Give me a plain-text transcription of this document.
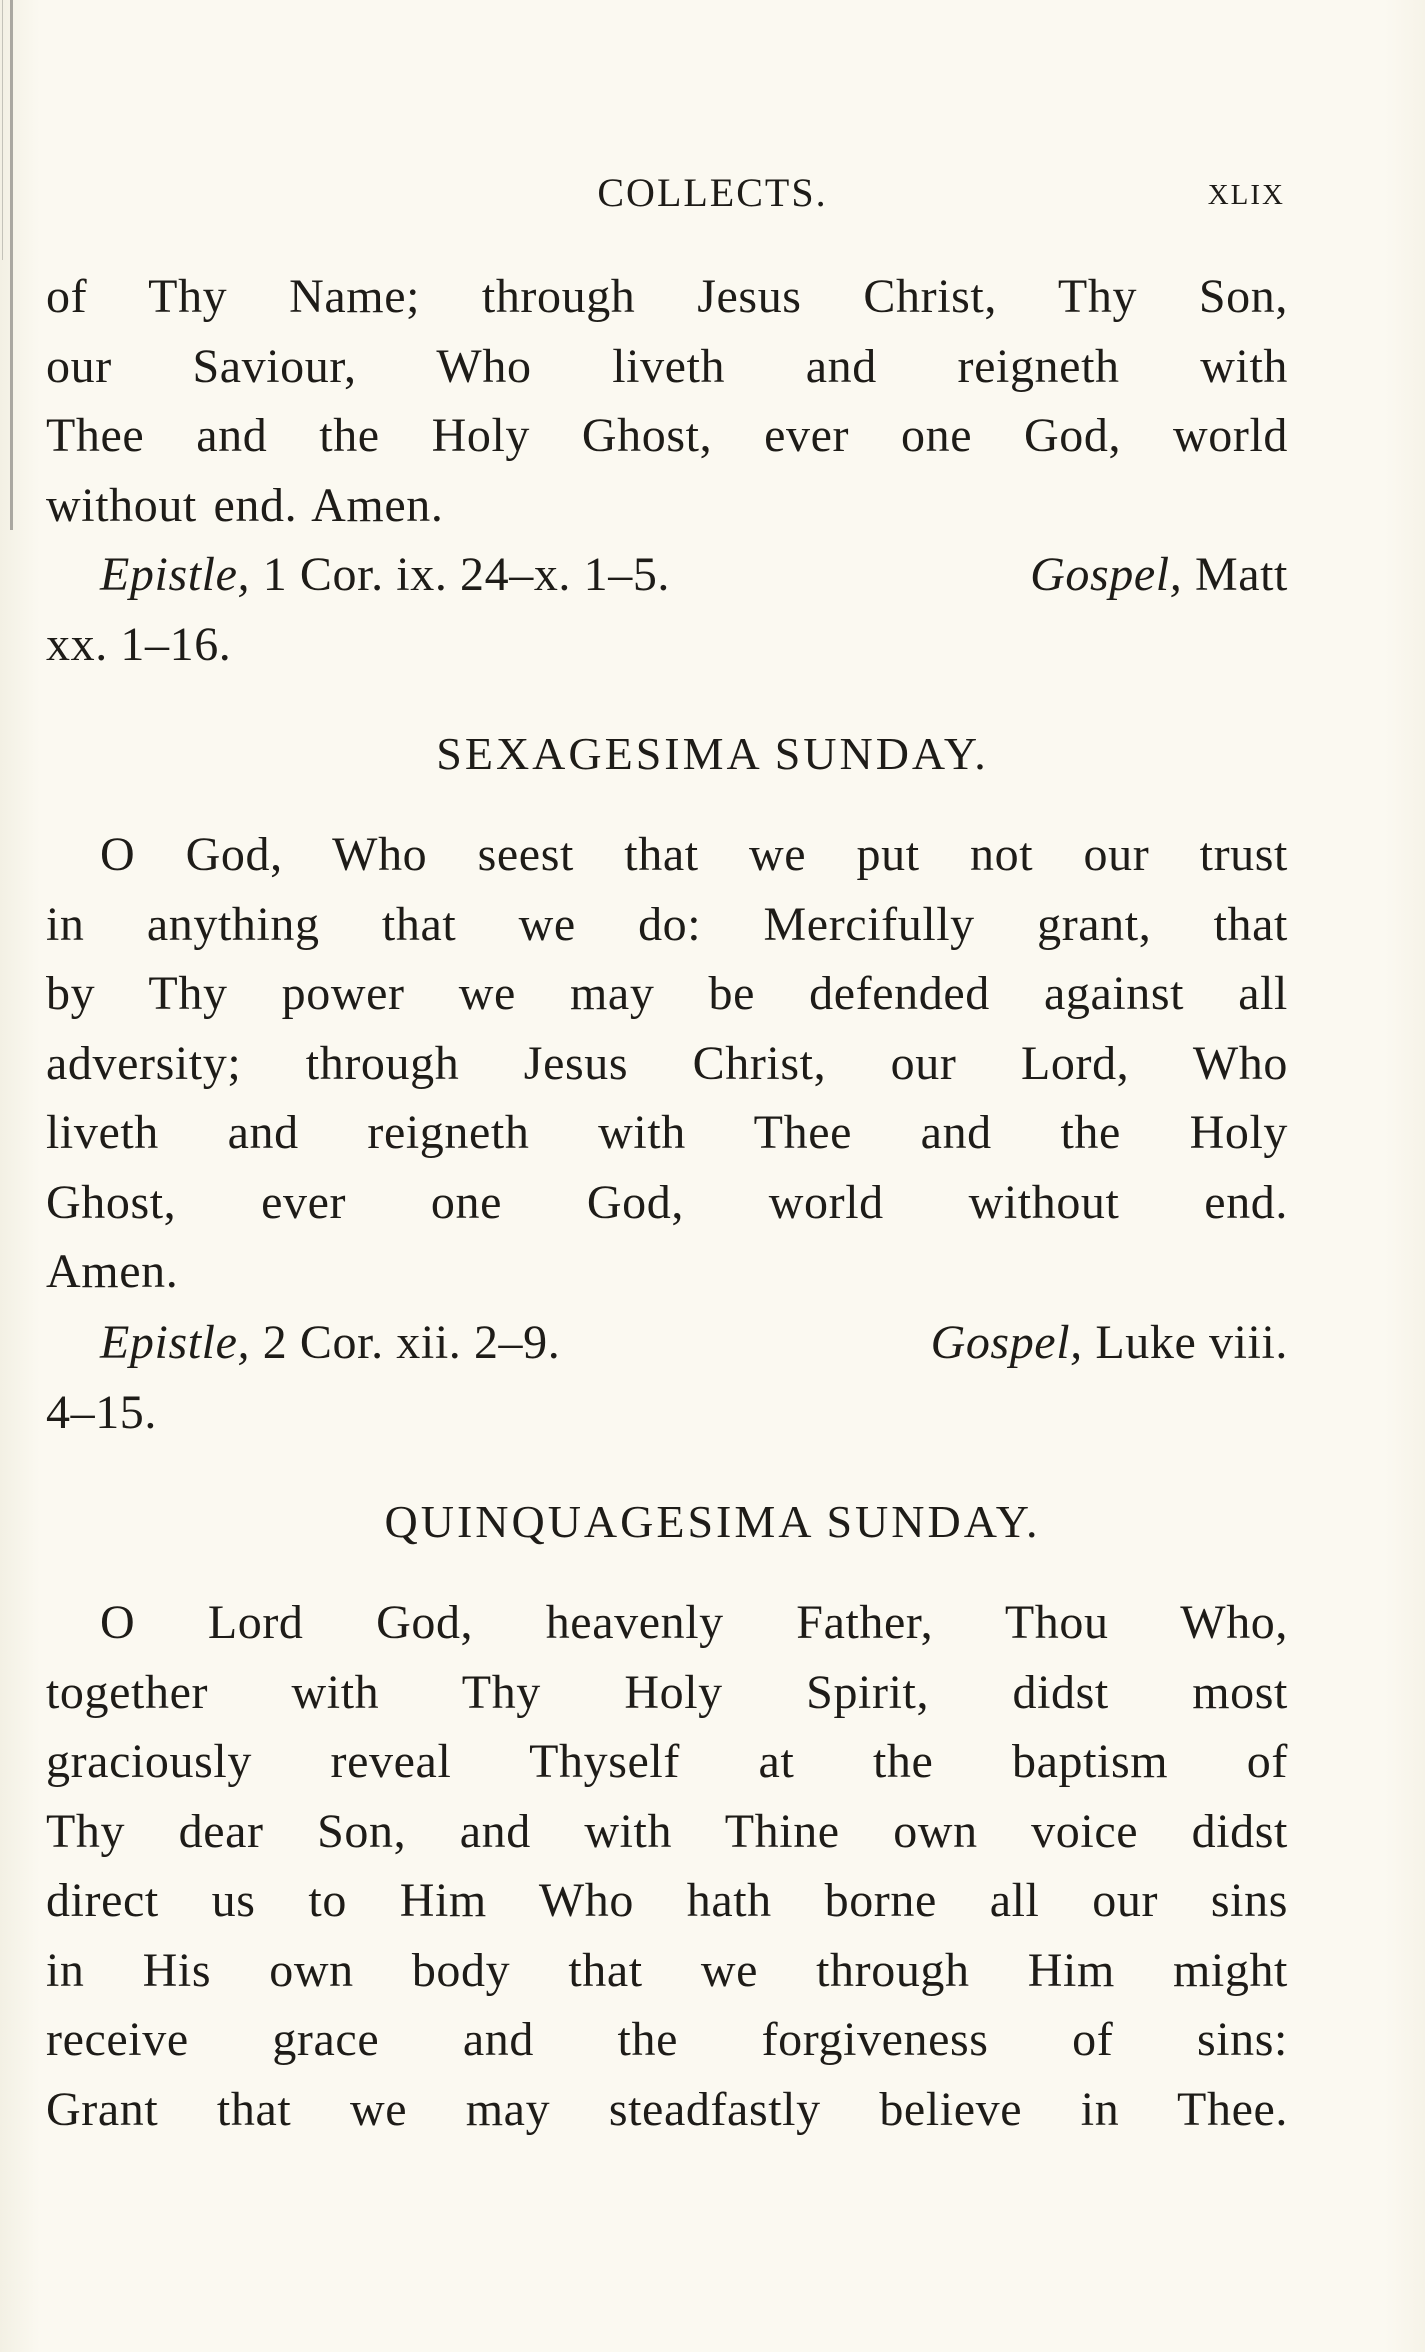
COLLECTS.	XLIX
of Thy Name; through Jesus Christ, Thy Son,
our Saviour, Who liveth and reigneth with
Thee and the Holy Ghost, ever one God, world
without end. Amen.
Epistle, 1 Cor. ix. 24–x. 1–5.	Gospel, Matt
xx. 1–16.
SEXAGESIMA SUNDAY.
O God, Who seest that we put not our trust
in anything that we do: Mercifully grant, that
by Thy power we may be defended against all
adversity; through Jesus Christ, our Lord, Who
liveth and reigneth with Thee and the Holy
Ghost, ever one God, world without end.
Amen.
Epistle, 2 Cor. xii. 2–9.	Gospel, Luke viii.
4–15.
QUINQUAGESIMA SUNDAY.
O Lord God, heavenly Father, Thou Who,
together with Thy Holy Spirit, didst most
graciously reveal Thyself at the baptism of
Thy dear Son, and with Thine own voice didst
direct us to Him Who hath borne all our sins
in His own body that we through Him might
receive grace and the forgiveness of sins:
Grant that we may steadfastly believe in Thee.
